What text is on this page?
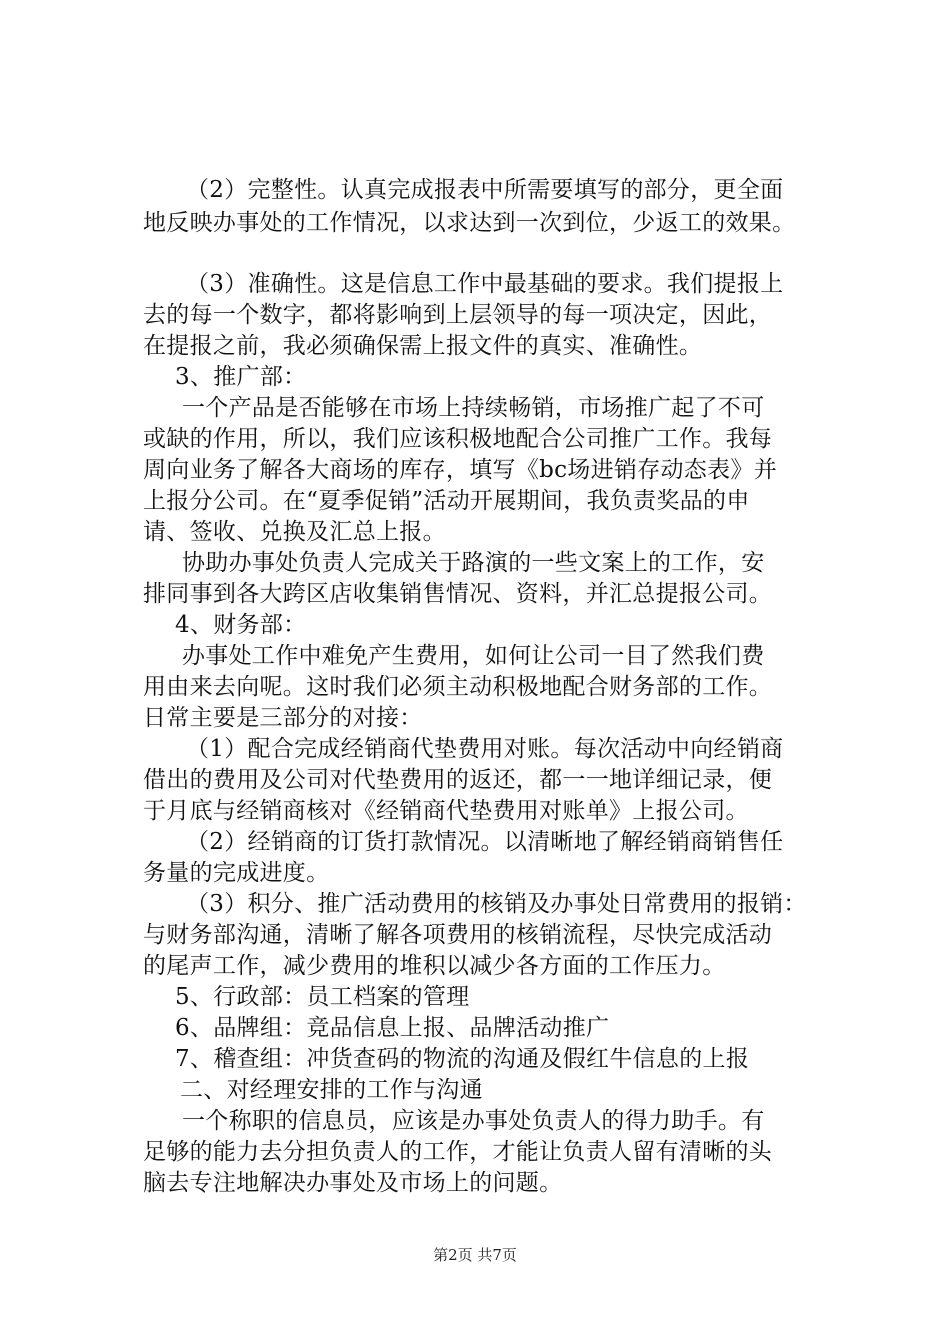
（2）完整性。认真完成报表中所需要填写的部分，更全面
地反映办事处的工作情况，以求达到一次到位，少返工的效果。
（3）准确性。这是信息工作中最基础的要求。我们提报上
去的每一个数字，都将影响到上层领导的每一项决定，因此，
在提报之前，我必须确保需上报文件的真实、准确性。
3、推广部：
一个产品是否能够在市场上持续畅销，市场推广起了不可
或缺的作用，所以，我们应该积极地配合公司推广工作。我每
周向业务了解各大商场的库存，填写《bc场进销存动态表》并
上报分公司。在“夏季促销”活动开展期间，我负责奖品的申
请、签收、兑换及汇总上报。
协助办事处负责人完成关于路演的一些文案上的工作，安
排同事到各大跨区店收集销售情况、资料，并汇总提报公司。
4、财务部：
办事处工作中难免产生费用，如何让公司一目了然我们费
用由来去向呢。这时我们必须主动积极地配合财务部的工作。
日常主要是三部分的对接：
（1）配合完成经销商代垫费用对账。每次活动中向经销商
借出的费用及公司对代垫费用的返还，都一一地详细记录，便
于月底与经销商核对《经销商代垫费用对账单》上报公司。
（2）经销商的订货打款情况。以清晰地了解经销商销售任
务量的完成进度。
（3）积分、推广活动费用的核销及办事处日常费用的报销：
与财务部沟通，清晰了解各项费用的核销流程，尽快完成活动
的尾声工作，减少费用的堆积以减少各方面的工作压力。
5、行政部：员工档案的管理
6、品牌组：竞品信息上报、品牌活动推广
7、稽查组：冲货查码的物流的沟通及假红牛信息的上报
二、对经理安排的工作与沟通
一个称职的信息员，应该是办事处负责人的得力助手。有
足够的能力去分担负责人的工作，才能让负责人留有清晰的头
脑去专注地解决办事处及市场上的问题。
第2页 共7页
